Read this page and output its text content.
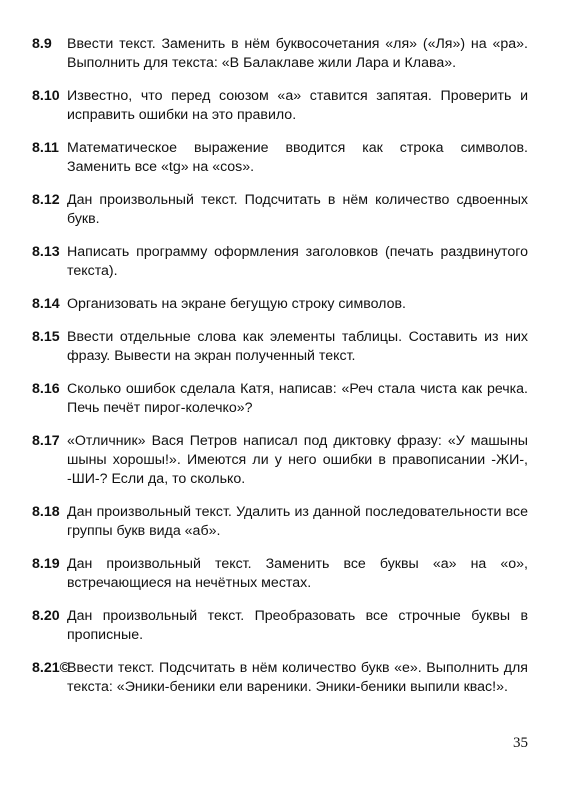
8.9 Ввести текст. Заменить в нём буквосочетания «ля» («Ля») на «ра». Выполнить для текста: «В Балаклаве жили Лара и Клава».
8.10 Известно, что перед союзом «а» ставится запятая. Проверить и исправить ошибки на это правило.
8.11 Математическое выражение вводится как строка символов. Заменить все «tg» на «cos».
8.12 Дан произвольный текст. Подсчитать в нём количество сдвоенных букв.
8.13 Написать программу оформления заголовков (печать раздвинутого текста).
8.14 Организовать на экране бегущую строку символов.
8.15 Ввести отдельные слова как элементы таблицы. Составить из них фразу. Вывести на экран полученный текст.
8.16 Сколько ошибок сделала Катя, написав: «Реч стала чиста как речка. Печь печёт пирог-колечко»?
8.17 «Отличник» Вася Петров написал под диктовку фразу: «У машыны шыны хорошы!». Имеются ли у него ошибки в правописании -ЖИ-, -ШИ-? Если да, то сколько.
8.18 Дан произвольный текст. Удалить из данной последовательности все группы букв вида «аб».
8.19 Дан произвольный текст. Заменить все буквы «а» на «о», встречающиеся на нечётных местах.
8.20 Дан произвольный текст. Преобразовать все строчные буквы в прописные.
8.21©
Ввести текст. Подсчитать в нём количество букв «е». Выполнить для текста: «Эники-беники ели вареники. Эники-беники выпили квас!».
35
